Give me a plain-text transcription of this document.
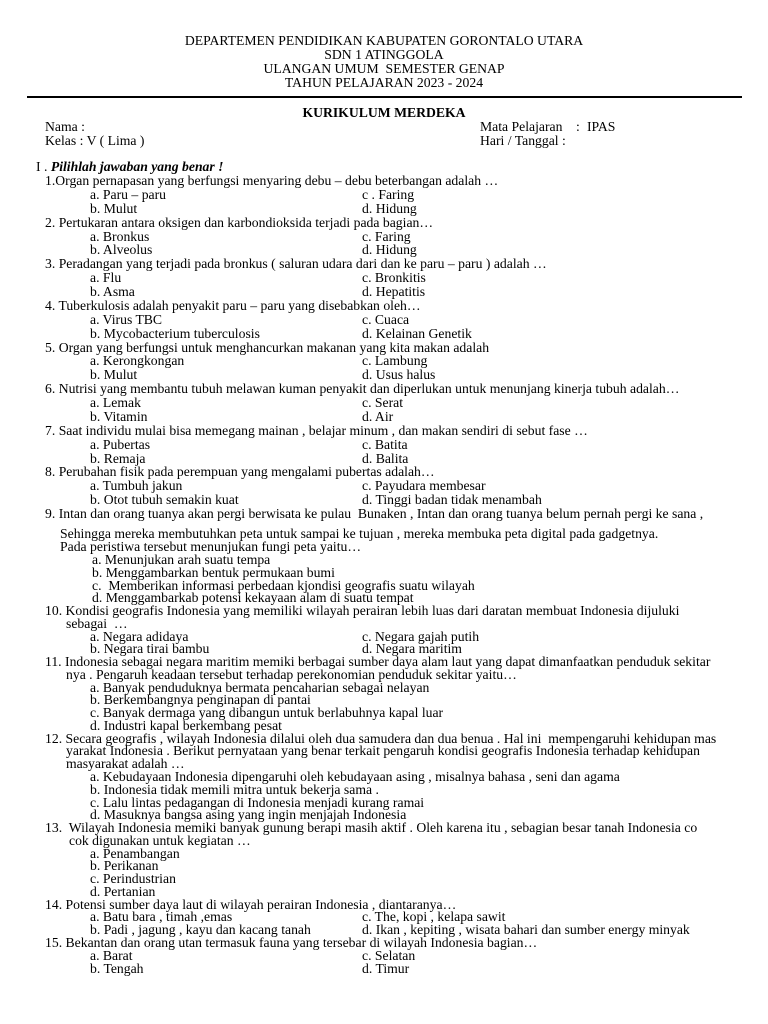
DEPARTEMEN PENDIDIKAN KABUPATEN GORONTALO UTARA
SDN 1 ATINGGOLA
ULANGAN UMUM  SEMESTER GENAP
TAHUN PELAJARAN 2023 - 2024
KURIKULUM MERDEKA
Nama :
Kelas : V ( Lima )
Mata Pelajaran : IPAS
Hari / Tanggal :
I . Pilihlah jawaban yang benar !
1.Organ pernapasan yang berfungsi menyaring debu – debu beterbangan adalah …
a. Paru – paru	c . Faring
b. Mulut	d. Hidung
2. Pertukaran antara oksigen dan karbondioksida terjadi pada bagian…
a. Bronkus	c. Faring
b. Alveolus	d. Hidung
3. Peradangan yang terjadi pada bronkus ( saluran udara dari dan ke paru – paru ) adalah …
a. Flu	c. Bronkitis
b. Asma	d. Hepatitis
4. Tuberkulosis adalah penyakit paru – paru yang disebabkan oleh…
a. Virus TBC	c. Cuaca
b. Mycobacterium tuberculosis	d. Kelainan Genetik
5. Organ yang berfungsi untuk menghancurkan makanan yang kita makan adalah
a. Kerongkongan	c. Lambung
b. Mulut	d. Usus halus
6. Nutrisi yang membantu tubuh melawan kuman penyakit dan diperlukan untuk menunjang kinerja tubuh adalah…
a. Lemak	c. Serat
b. Vitamin	d. Air
7. Saat individu mulai bisa memegang mainan , belajar minum , dan makan sendiri di sebut fase …
a. Pubertas	c. Batita
b. Remaja	d. Balita
8. Perubahan fisik pada perempuan yang mengalami pubertas adalah…
a. Tumbuh jakun	c. Payudara membesar
b. Otot tubuh semakin kuat	d. Tinggi badan tidak menambah
9. Intan dan orang tuanya akan pergi berwisata ke pulau  Bunaken , Intan dan orang tuanya belum pernah pergi ke sana ,
Sehingga mereka membutuhkan peta untuk sampai ke tujuan , mereka membuka peta digital pada gadgetnya.
Pada peristiwa tersebut menunjukan fungi peta yaitu…
a. Menunjukan arah suatu tempa
b. Menggambarkan bentuk permukaan bumi
c.  Memberikan informasi perbedaan kjondisi geografis suatu wilayah
d. Menggambarkab potensi kekayaan alam di suatu tempat
10. Kondisi geografis Indonesia yang memiliki wilayah perairan lebih luas dari daratan membuat Indonesia dijuluki
sebagai  …
a. Negara adidaya	c. Negara gajah putih
b. Negara tirai bambu	d. Negara maritim
11. Indonesia sebagai negara maritim memiki berbagai sumber daya alam laut yang dapat dimanfaatkan penduduk sekitar
nya . Pengaruh keadaan tersebut terhadap perekonomian penduduk sekitar yaitu…
a. Banyak penduduknya bermata pencaharian sebagai nelayan
b. Berkembangnya penginapan di pantai
c. Banyak dermaga yang dibangun untuk berlabuhnya kapal luar
d. Industri kapal berkembang pesat
12. Secara geografis , wilayah Indonesia dilalui oleh dua samudera dan dua benua . Hal ini  mempengaruhi kehidupan mas
yarakat Indonesia . Berikut pernyataan yang benar terkait pengaruh kondisi geografis Indonesia terhadap kehidupan
masyarakat adalah …
a. Kebudayaan Indonesia dipengaruhi oleh kebudayaan asing , misalnya bahasa , seni dan agama
b. Indonesia tidak memili mitra untuk bekerja sama .
c. Lalu lintas pedagangan di Indonesia menjadi kurang ramai
d. Masuknya bangsa asing yang ingin menjajah Indonesia
13.  Wilayah Indonesia memiki banyak gunung berapi masih aktif . Oleh karena itu , sebagian besar tanah Indonesia co
cok digunakan untuk kegiatan …
a. Penambangan
b. Perikanan
c. Perindustrian
d. Pertanian
14. Potensi sumber daya laut di wilayah perairan Indonesia , diantaranya…
a. Batu bara , timah ,emas	c. The, kopi , kelapa sawit
b. Padi , jagung , kayu dan kacang tanah	d. Ikan , kepiting , wisata bahari dan sumber energy minyak
15. Bekantan dan orang utan termasuk fauna yang tersebar di wilayah Indonesia bagian…
a. Barat	c. Selatan
b. Tengah	d. Timur
